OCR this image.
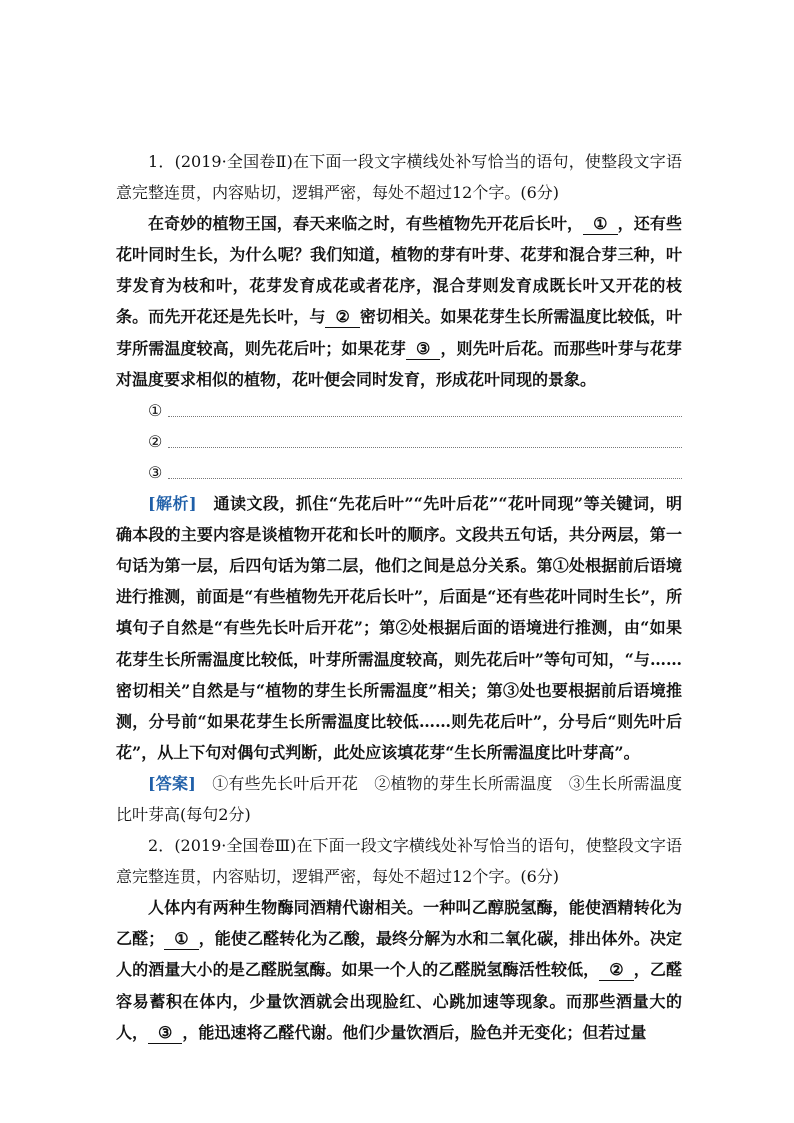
1．(2019·全国卷Ⅱ)在下面一段文字横线处补写恰当的语句，使整段文字语意完整连贯，内容贴切，逻辑严密，每处不超过12个字。(6分)

在奇妙的植物王国，春天来临之时，有些植物先开花后长叶， ① ，还有些花叶同时生长，为什么呢？我们知道，植物的芽有叶芽、花芽和混合芽三种，叶芽发育为枝和叶，花芽发育成花或者花序，混合芽则发育成既长叶又开花的枝条。而先开花还是先长叶，与 ② 密切相关。如果花芽生长所需温度比较低，叶芽所需温度较高，则先花后叶；如果花芽 ③ ，则先叶后花。而那些叶芽与花芽对温度要求相似的植物，花叶便会同时发育，形成花叶同现的景象。

①
②
③

[解析]　 通读文段，抓住“先花后叶”“先叶后花”“花叶同现”等关键词，明确本段的主要内容是谈植物开花和长叶的顺序。文段共五句话，共分两层，第一句话为第一层，后四句话为第二层，他们之间是总分关系。第①处根据前后语境进行推测，前面是“有些植物先开花后长叶”，后面是“还有些花叶同时生长”，所填句子自然是“有些先长叶后开花”；第②处根据后面的语境进行推测，由“如果花芽生长所需温度比较低，叶芽所需温度较高，则先花后叶”等句可知，“与……密切相关”自然是与“植物的芽生长所需温度”相关；第③处也要根据前后语境推测，分号前“如果花芽生长所需温度比较低……则先花后叶”，分号后“则先叶后花”，从上下句对偶句式判断，此处应该填花芽“生长所需温度比叶芽高”。

[答案]　 ①有些先长叶后开花　②植物的芽生长所需温度　③生长所需温度比叶芽高(每句2分)

2．(2019·全国卷Ⅲ)在下面一段文字横线处补写恰当的语句，使整段文字语意完整连贯，内容贴切，逻辑严密，每处不超过12个字。(6分)

人体内有两种生物酶同酒精代谢相关。一种叫乙醇脱氢酶，能使酒精转化为乙醛； ① ，能使乙醛转化为乙酸，最终分解为水和二氧化碳，排出体外。决定人的酒量大小的是乙醛脱氢酶。如果一个人的乙醛脱氢酶活性较低， ② ，乙醛容易蓄积在体内，少量饮酒就会出现脸红、心跳加速等现象。而那些酒量大的人， ③ ，能迅速将乙醛代谢。他们少量饮酒后，脸色并无变化；但若过量
